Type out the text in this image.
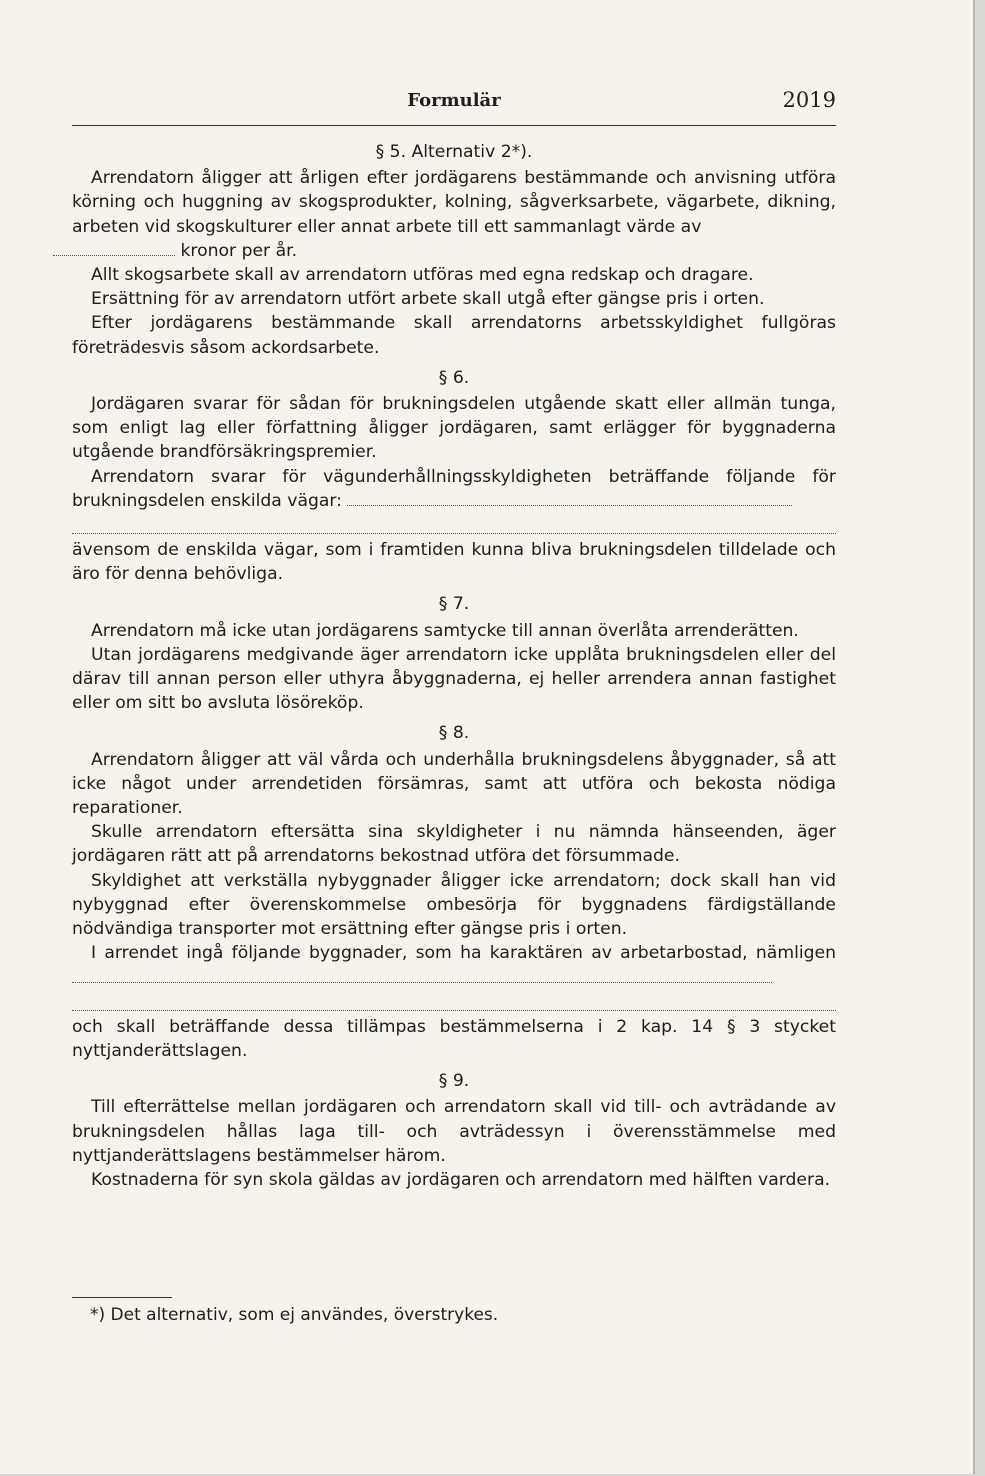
Formulär	2019
§ 5. Alternativ 2*).

Arrendatorn åligger att årligen efter jordägarens bestämmande och anvisning utföra körning och huggning av skogsprodukter, kolning, sågverksarbete, vägarbete, dikning, arbeten vid skogskulturer eller annat arbete till ett sammanlagt värde av
kronor per år.

Allt skogsarbete skall av arrendatorn utföras med egna redskap och dragare.

Ersättning för av arrendatorn utfört arbete skall utgå efter gängse pris i orten.

Efter jordägarens bestämmande skall arrendatorns arbetsskyldighet fullgöras företrädesvis såsom ackordsarbete.

§ 6.

Jordägaren svarar för sådan för brukningsdelen utgående skatt eller allmän tunga, som enligt lag eller författning åligger jordägaren, samt erlägger för byggnaderna utgående brandförsäkringspremier.

Arrendatorn svarar för vägunderhållningsskyldigheten beträffande följande för brukningsdelen enskilda vägar:

ävensom de enskilda vägar, som i framtiden kunna bliva brukningsdelen tilldelade och äro för denna behövliga.

§ 7.

Arrendatorn må icke utan jordägarens samtycke till annan överlåta arrenderätten.

Utan jordägarens medgivande äger arrendatorn icke upplåta brukningsdelen eller del därav till annan person eller uthyra åbyggnaderna, ej heller arrendera annan fastighet eller om sitt bo avsluta lösöreköp.

§ 8.

Arrendatorn åligger att väl vårda och underhålla brukningsdelens åbyggnader, så att icke något under arrendetiden försämras, samt att utföra och bekosta nödiga reparationer.

Skulle arrendatorn eftersätta sina skyldigheter i nu nämnda hänseenden, äger jordägaren rätt att på arrendatorns bekostnad utföra det försummade.

Skyldighet att verkställa nybyggnader åligger icke arrendatorn; dock skall han vid nybyggnad efter överenskommelse ombesörja för byggnadens färdigställande nödvändiga transporter mot ersättning efter gängse pris i orten.

I arrendet ingå följande byggnader, som ha karaktären av arbetarbostad, nämligen

och skall beträffande dessa tillämpas bestämmelserna i 2 kap. 14 § 3 stycket nyttjanderättslagen.

§ 9.

Till efterrättelse mellan jordägaren och arrendatorn skall vid till- och avträdande av brukningsdelen hållas laga till- och avträdessyn i överensstämmelse med nyttjanderättslagens bestämmelser härom.

Kostnaderna för syn skola gäldas av jordägaren och arrendatorn med hälften vardera.

*) Det alternativ, som ej användes, överstrykes.
